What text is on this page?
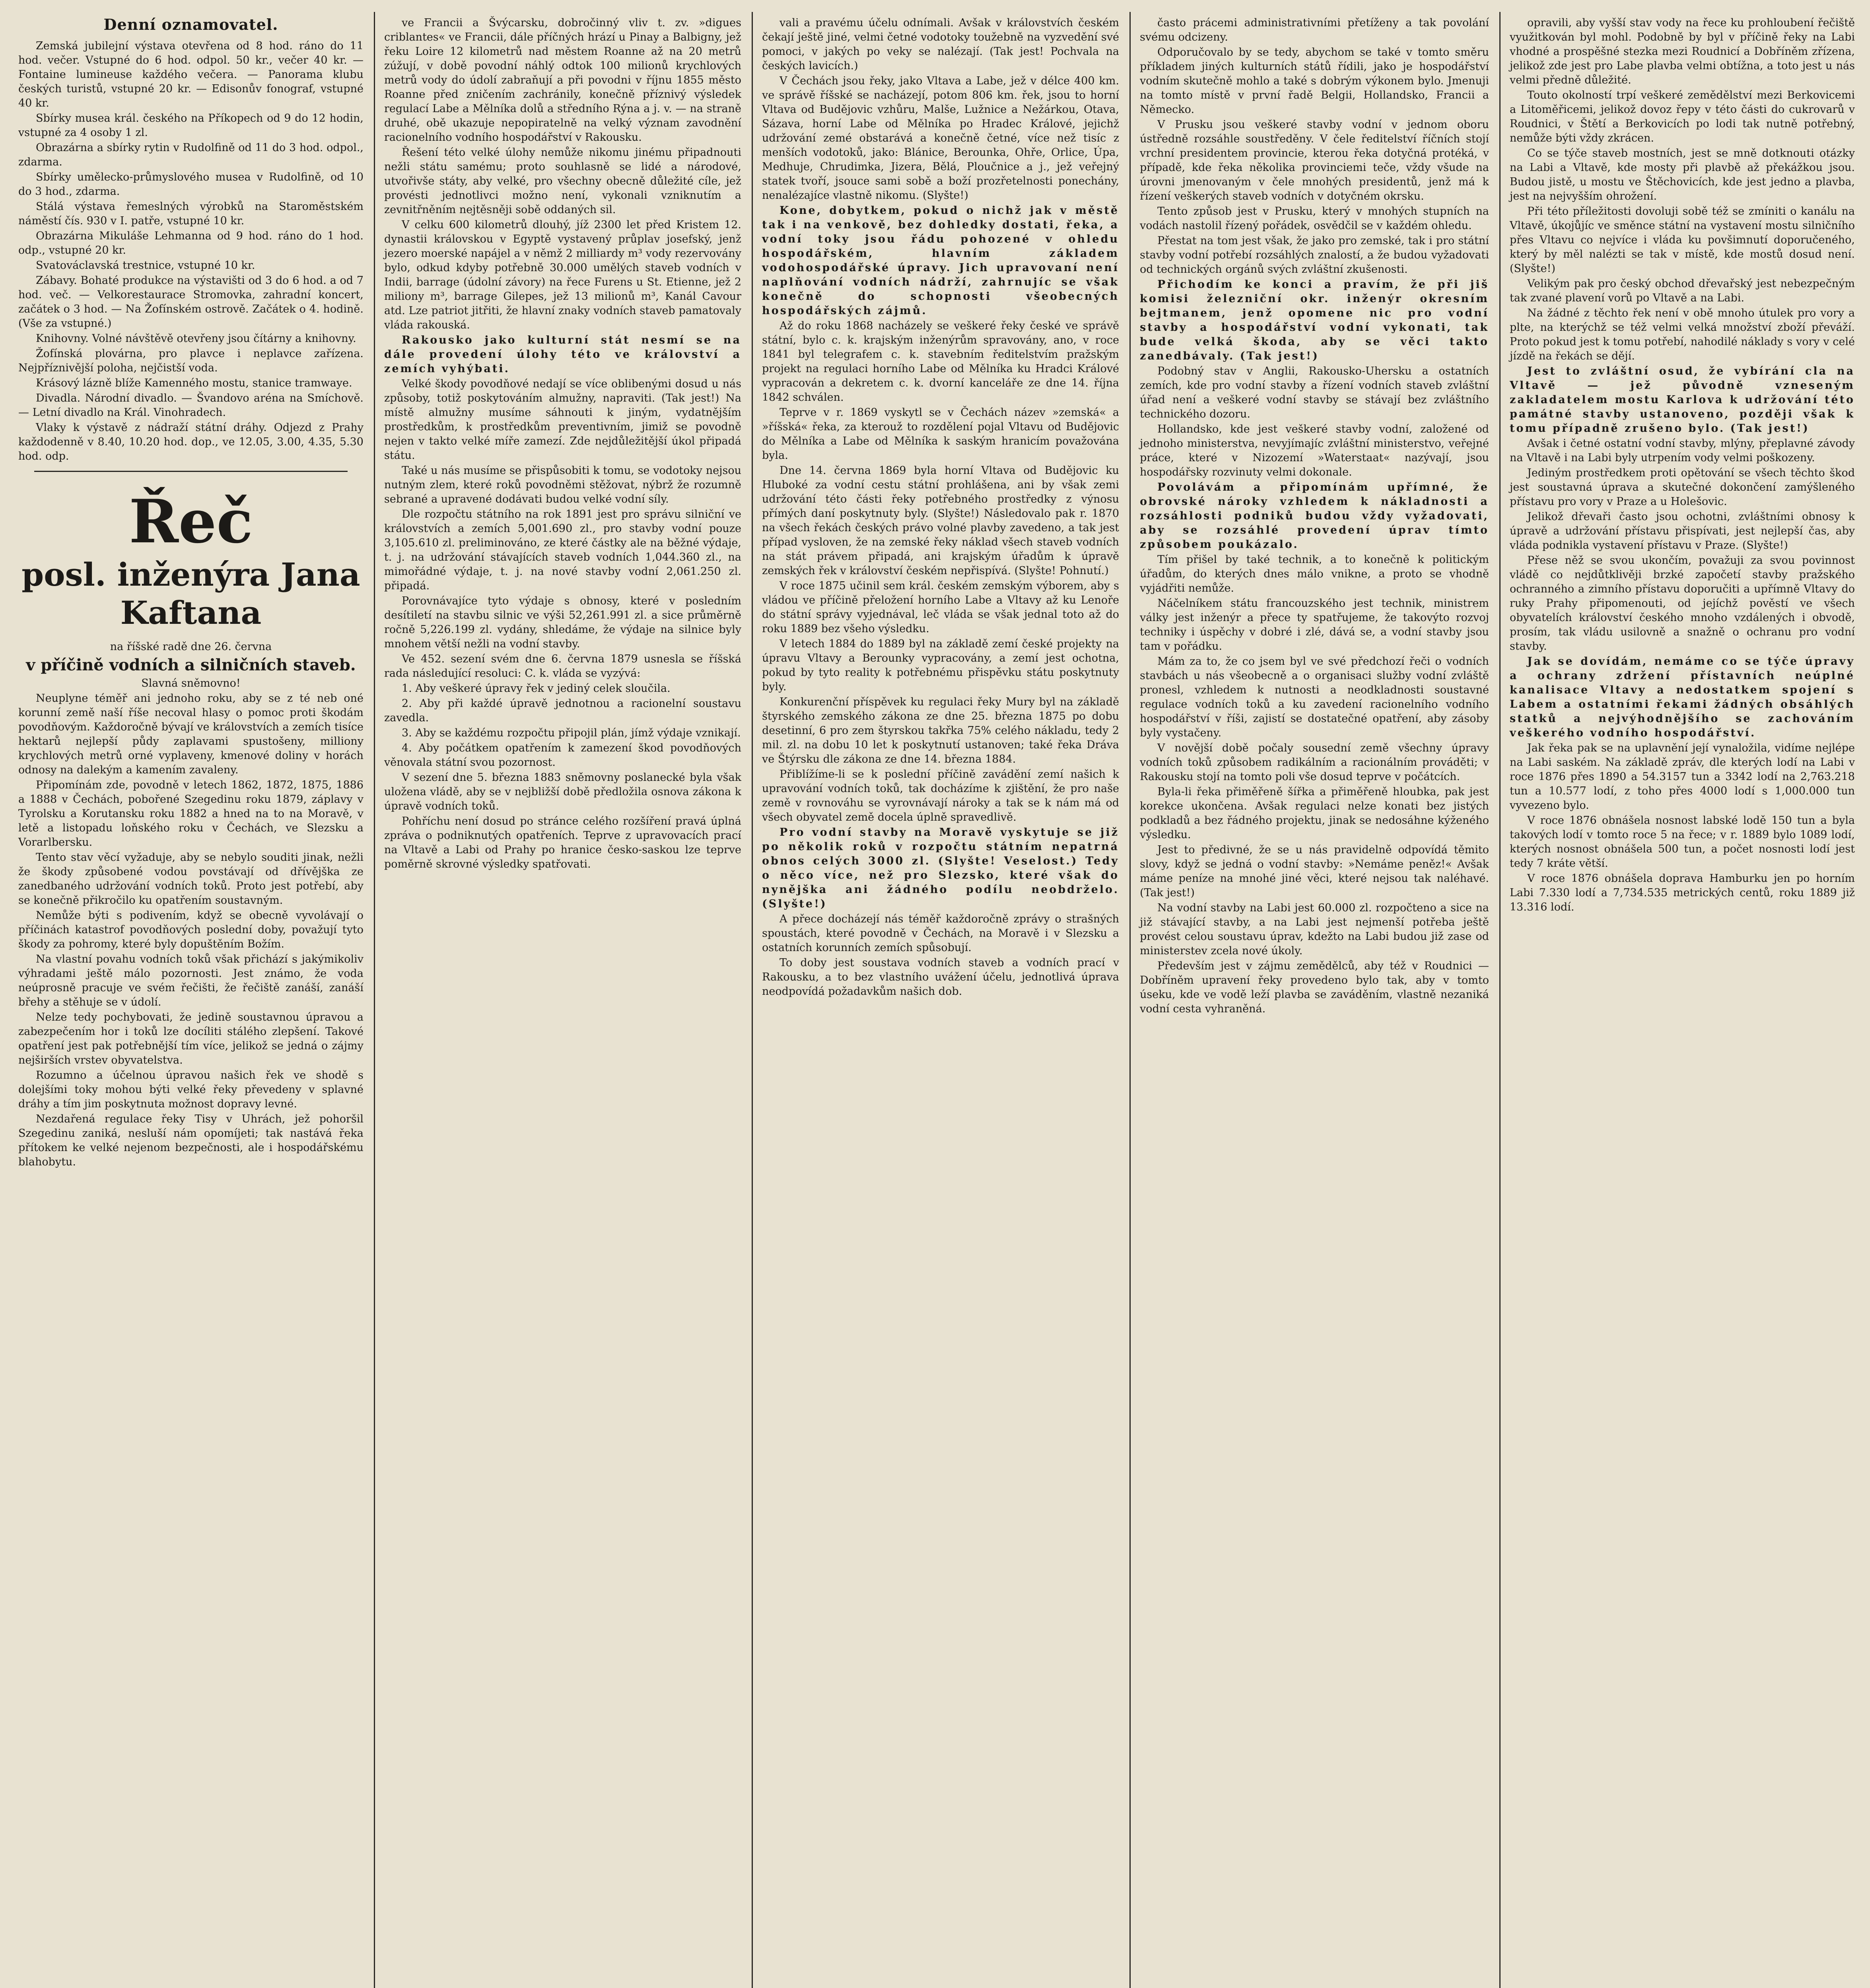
Denní oznamovatel.

Zemská jubilejní výstava otevřena od 8 hod. ráno do 11 hod. večer. Vstupné do 6 hod. odpol. 50 kr., večer 40 kr. — Fontaine lumineuse každého večera. — Panorama klubu českých turistů, vstupné 20 kr. — Edisonův fonograf, vstupné 40 kr.

Sbírky musea král. českého na Příkopech od 9 do 12 hodin, vstupné za 4 osoby 1 zl.

Obrazárna a sbírky rytin v Rudolfině od 11 do 3 hod. odpol., zdarma.

Sbírky umělecko-průmyslového musea v Rudolfině, od 10 do 3 hod., zdarma.

Stálá výstava řemeslných výrobků na Staroměstském náměstí čís. 930 v I. patře, vstupné 10 kr.

Obrazárna Mikuláše Lehmanna od 9 hod. ráno do 1 hod. odp., vstupné 20 kr.

Svatováclavská trestnice, vstupné 10 kr.

Zábavy. Bohaté produkce na výstavišti od 3 do 6 hod. a od 7 hod. več. — Velkorestaurace Stromovka, zahradní koncert, začátek o 3 hod. — Na Žofínském ostrově. Začátek o 4. hodině. (Vše za vstupné.)

Knihovny. Volné návštěvě otevřeny jsou čítárny a knihovny.

Žofínská plovárna, pro plavce i neplavce zařízena. Nejpříznivější poloha, nejčistší voda.

Krásový lázně blíže Kamenného mostu, stanice tramwaye.

Divadla. Národní divadlo. — Švandovo aréna na Smíchově. — Letní divadlo na Král. Vinohradech.

Vlaky k výstavě z nádraží státní dráhy. Odjezd z Prahy každodenně v 8.40, 10.20 hod. dop., ve 12.05, 3.00, 4.35, 5.30 hod. odp.

Řeč
posl. inženýra Jana Kaftana

na říšské radě dne 26. června

v příčině vodních a silničních staveb.

Slavná sněmovno!

Neuplyne téměř ani jednoho roku, aby se z té neb oné korunní země naší říše necoval hlasy o pomoc proti škodám povodňovým. Každoročně bývají ve královstvích a zemích tisíce hektarů nejlepší půdy zaplavami spustošeny, milliony krychlových metrů orné vyplaveny, kmenové doliny v horách odnosy na dalekým a kamením zavaleny.

Připomínám zde, povodně v letech 1862, 1872, 1875, 1886 a 1888 v Čechách, pobořené Szegedinu roku 1879, záplavy v Tyrolsku a Korutansku roku 1882 a hned na to na Moravě, v letě a listopadu loňského roku v Čechách, ve Slezsku a Vorarlbersku.

Tento stav věcí vyžaduje, aby se nebylo souditi jinak, nežli že škody způsobené vodou povstávají od dřívějška ze zanedbaného udržování vodních toků. Proto jest potřebí, aby se konečně přikročilo ku opatřením soustavným.

Nemůže býti s podivením, když se obecně vyvolávají o příčinách katastrof povodňových poslední doby, považují tyto škody za pohromy, které byly dopuštěním Božím.

Na vlastní povahu vodních toků však přichází s jakýmikoliv výhradami ještě málo pozornosti. Jest známo, že voda neúprosně pracuje ve svém řečišti, že řečiště zanáší, zanáší břehy a stěhuje se v údolí.

Nelze tedy pochybovati, že jedině soustavnou úpravou a zabezpečením hor i toků lze docíliti stálého zlepšení. Takové opatření jest pak potřebnější tím více, jelikož se jedná o zájmy nejširších vrstev obyvatelstva.

Rozumno a účelnou úpravou našich řek ve shodě s dolejšími toky mohou býti velké řeky převedeny v splavné dráhy a tím jim poskytnuta možnost dopravy levné.

Nezdařená regulace řeky Tisy v Uhrách, jež pohoršil Szegedinu zaniká, nesluší nám opomíjeti; tak nastává řeka přítokem ke velké nejenom bezpečnosti, ale i hospodářskému blahobytu.

ve Francii a Švýcarsku, dobročinný vliv t. zv. »digues criblantes« ve Francii, dále příčných hrází u Pinay a Balbigny, jež řeku Loire 12 kilometrů nad městem Roanne až na 20 metrů zúžují, v době povodní náhlý odtok 100 milionů krychlových metrů vody do údolí zabraňují a při povodni v říjnu 1855 město Roanne před zničením zachránily, konečně příznivý výsledek regulací Labe a Mělníka dolů a středního Rýna a j. v. — na straně druhé, obě ukazuje nepopiratelně na velký význam zavodnění racionelního vodního hospodářství v Rakousku.

Řešení této velké úlohy nemůže nikomu jinému připadnouti nežli státu samému; proto souhlasně se lidé a národové, utvořivše státy, aby velké, pro všechny obecně důležité cíle, jež provésti jednotlivci možno není, vykonali vzniknutím a zevnitřněním nejtěsněji sobě oddaných sil.

V celku 600 kilometrů dlouhý, jíž 2300 let před Kristem 12. dynastii královskou v Egyptě vystavený průplav josefský, jenž jezero moerské napájel a v němž 2 milliardy m³ vody rezervovány bylo, odkud kdyby potřebně 30.000 umělých staveb vodních v Indii, barrage (údolní závory) na řece Furens u St. Etienne, jež 2 miliony m³, barrage Gilepes, jež 13 milionů m³, Kanál Cavour atd. Lze patriot jitřiti, že hlavní znaky vodních staveb pamatovaly vláda rakouská.

Rakousko jako kulturní stát nesmí se na dále provedení úlohy této ve království a zemích vyhýbati.

Velké škody povodňové nedají se více oblibenými dosud u nás způsoby, totiž poskytováním almužny, napraviti. (Tak jest!) Na místě almužny musíme sáhnouti k jiným, vydatnějším prostředkům, k prostředkům preventivním, jimiž se povodně nejen v takto velké míře zamezí. Zde nejdůležitější úkol připadá státu.

Také u nás musíme se přispůsobiti k tomu, se vodotoky nejsou nutným zlem, které roků povodněmi stěžovat, nýbrž že rozumně sebrané a upravené dodávati budou velké vodní síly.

Dle rozpočtu státního na rok 1891 jest pro správu silniční ve královstvích a zemích 5,001.690 zl., pro stavby vodní pouze 3,105.610 zl. preliminováno, ze které částky ale na běžné výdaje, t. j. na udržování stávajících staveb vodních 1,044.360 zl., na mimořádné výdaje, t. j. na nové stavby vodní 2,061.250 zl. připadá.

Porovnávajíce tyto výdaje s obnosy, které v posledním desítiletí na stavbu silnic ve výši 52,261.991 zl. a sice průměrně ročně 5,226.199 zl. vydány, shledáme, že výdaje na silnice byly mnohem větší nežli na vodní stavby.

Ve 452. sezení svém dne 6. června 1879 usnesla se říšská rada následující resoluci: C. k. vláda se vyzývá:

1. Aby veškeré úpravy řek v jediný celek sloučila.

2. Aby při každé úpravě jednotnou a racionelní soustavu zavedla.

3. Aby se každému rozpočtu připojil plán, jímž výdaje vznikají.

4. Aby počátkem opatřením k zamezení škod povodňových věnovala státní svou pozornost.

V sezení dne 5. března 1883 sněmovny poslanecké byla však uložena vládě, aby se v nejbližší době předložila osnova zákona k úpravě vodních toků.

Pohříchu není dosud po stránce celého rozšíření pravá úplná zpráva o podniknutých opatřeních. Teprve z upravovacích prací na Vltavě a Labi od Prahy po hranice česko-saskou lze teprve poměrně skrovné výsledky spatřovati.

vali a pravému účelu odnímali. Avšak v královstvích českém čekají ještě jiné, velmi četné vodotoky toužebně na vyzvedění své pomoci, v jakých po veky se nalézají. (Tak jest! Pochvala na českých lavicích.)

V Čechách jsou řeky, jako Vltava a Labe, jež v délce 400 km. ve správě říšské se nacházejí, potom 806 km. řek, jsou to horní Vltava od Budějovic vzhůru, Malše, Lužnice a Nežárkou, Otava, Sázava, horní Labe od Mělníka po Hradec Králové, jejichž udržování zemé obstarává a konečně četné, více než tisíc z menších vodotoků, jako: Blánice, Berounka, Ohře, Orlice, Úpa, Medhuje, Chrudimka, Jizera, Bělá, Ploučnice a j., jež veřejný statek tvoří, jsouce sami sobě a boží prozřetelnosti ponechány, nenalézajíce vlastně nikomu. (Slyšte!)

Kone, dobytkem, pokud o nichž jak v městě tak i na venkově, bez dohledky dostati, řeka, a vodní toky jsou řádu pohozené v ohledu hospodářském, hlavním základem vodohospodářské úpravy. Jich upravovaní není naplňování vodních nádrží, zahrnujíc se však konečně do schopnosti všeobecných hospodářských zájmů.

Až do roku 1868 nacházely se veškeré řeky české ve správě státní, bylo c. k. krajským inženýrům spravovány, ano, v roce 1841 byl telegrafem c. k. stavebním ředitelstvím pražským projekt na regulaci horního Labe od Mělníka ku Hradci Králové vypracován a dekretem c. k. dvorní kanceláře ze dne 14. října 1842 schválen.

Teprve v r. 1869 vyskytl se v Čechách název »zemská« a »říšská« řeka, za kterouž to rozdělení pojal Vltavu od Budějovic do Mělníka a Labe od Mělníka k saským hranicím považována byla.

Dne 14. června 1869 byla horní Vltava od Budějovic ku Hluboké za vodní cestu státní prohlášena, ani by však zemi udržování této části řeky potřebného prostředky z výnosu přímých daní poskytnuty byly. (Slyšte!) Následovalo pak r. 1870 na všech řekách českých právo volné plavby zavedeno, a tak jest případ vysloven, že na zemské řeky náklad všech staveb vodních na stát právem připadá, ani krajským úřadům k úpravě zemských řek v království českém nepřispívá. (Slyšte! Pohnutí.)

V roce 1875 učinil sem král. českém zemským výborem, aby s vládou ve příčině přeložení horního Labe a Vltavy až ku Lenoře do státní správy vyjednával, leč vláda se však jednal toto až do roku 1889 bez všeho výsledku.

V letech 1884 do 1889 byl na základě zemí české projekty na úpravu Vltavy a Berounky vypracovány, a zemí jest ochotna, pokud by tyto reality k potřebnému přispěvku státu poskytnuty byly.

Konkurenční příspěvek ku regulaci řeky Mury byl na základě štyrského zemského zákona ze dne 25. března 1875 po dobu desetinní, 6 pro zem štyrskou takřka 75% celého nákladu, tedy 2 mil. zl. na dobu 10 let k poskytnutí ustanoven; také řeka Dráva ve Štýrsku dle zákona ze dne 14. března 1884.

Přiblížíme-li se k poslední příčině zavádění zemí našich k upravování vodních toků, tak docházíme k zjištění, že pro naše země v rovnováhu se vyrovnávají nároky a tak se k nám má od všech obyvatel země docela úplně spravedlivě.

Pro vodní stavby na Moravě vyskytuje se již po několik roků v rozpočtu státním nepatrná obnos celých 3000 zl. (Slyšte! Veselost.) Tedy o něco více, než pro Slezsko, které však do nynějška ani žádného podílu neobdrželo. (Slyšte!)

A přece docházejí nás téměř každoročně zprávy o strašných spoustách, které povodně v Čechách, na Moravě i v Slezsku a ostatních korunních zemích spůsobují.

To doby jest soustava vodních staveb a vodních prací v Rakousku, a to bez vlastního uvážení účelu, jednotlivá úprava neodpovídá požadavkům našich dob.

často prácemi administrativními přetíženy a tak povolání svému odcizeny.

Odporučovalo by se tedy, abychom se také v tomto směru příkladem jiných kulturních států řídili, jako je hospodářství vodním skutečně mohlo a také s dobrým výkonem bylo. Jmenuji na tomto místě v první řadě Belgii, Hollandsko, Francii a Německo.

V Prusku jsou veškeré stavby vodní v jednom oboru ústředně rozsáhle soustředěny. V čele ředitelství říčních stojí vrchní presidentem provincie, kterou řeka dotyčná protéká, v případě, kde řeka několika provinciemi teče, vždy všude na úrovni jmenovaným v čele mnohých presidentů, jenž má k řízení veškerých staveb vodních v dotyčném okrsku.

Tento způsob jest v Prusku, který v mnohých stupních na vodách nastolil řízený pořádek, osvědčil se v každém ohledu.

Přestat na tom jest však, že jako pro zemské, tak i pro státní stavby vodní potřebí rozsáhlých znalostí, a že budou vyžadovati od technických orgánů svých zvláštní zkušenosti.

Přichodím ke konci a pravím, že při jiš komisi železniční okr. inženýr okresním bejtmanem, jenž opomene nic pro vodní stavby a hospodářství vodní vykonati, tak bude velká škoda, aby se věci takto zanedbávaly. (Tak jest!)

Podobný stav v Anglii, Rakousko-Uhersku a ostatních zemích, kde pro vodní stavby a řízení vodních staveb zvláštní úřad není a veškeré vodní stavby se stávají bez zvláštního technického dozoru.

Hollandsko, kde jest veškeré stavby vodní, založené od jednoho ministerstva, nevyjímajíc zvláštní ministerstvo, veřejné práce, které v Nizozemí »Waterstaat« nazývají, jsou hospodářsky rozvinuty velmi dokonale.

Povolávám a připomínám upřímné, že obrovské nároky vzhledem k nákladnosti a rozsáhlosti podniků budou vždy vyžadovati, aby se rozsáhlé provedení úprav tímto způsobem poukázalo.

Tím přišel by také technik, a to konečně k politickým úřadům, do kterých dnes málo vnikne, a proto se vhodně vyjádřiti nemůže.

Náčelníkem státu francouzského jest technik, ministrem války jest inženýr a přece ty spatřujeme, že takovýto rozvoj techniky i úspěchy v dobré i zlé, dává se, a vodní stavby jsou tam v pořádku.

Mám za to, že co jsem byl ve své předchozí řeči o vodních stavbách u nás všeobecně a o organisaci služby vodní zvláště pronesl, vzhledem k nutnosti a neodkladnosti soustavné regulace vodních toků a ku zavedení racionelního vodního hospodářství v říši, zajistí se dostatečné opatření, aby zásoby byly vystačeny.

V novější době počaly sousední země všechny úpravy vodních toků způsobem radikálním a racionálním prováděti; v Rakousku stojí na tomto poli vše dosud teprve v počátcích.

Byla-li řeka přiměřeně šířka a přiměřeně hloubka, pak jest korekce ukončena. Avšak regulaci nelze konati bez jistých podkladů a bez řádného projektu, jinak se nedosáhne kýženého výsledku.

Jest to předivné, že se u nás pravidelně odpovídá těmito slovy, když se jedná o vodní stavby: »Nemáme peněz!« Avšak máme peníze na mnohé jiné věci, které nejsou tak naléhavé. (Tak jest!)

Na vodní stavby na Labi jest 60.000 zl. rozpočteno a sice na již stávající stavby, a na Labi jest nejmenší potřeba ještě provést celou soustavu úprav, kdežto na Labi budou již zase od ministerstev zcela nové úkoly.

Především jest v zájmu zemědělců, aby též v Roudnici — Dobříněm upravení řeky provedeno bylo tak, aby v tomto úseku, kde ve vodě leží plavba se zaváděním, vlastně nezaniká vodní cesta vyhraněná.

opravili, aby vyšší stav vody na řece ku prohloubení řečiště využitkován byl mohl. Podobně by byl v příčině řeky na Labi vhodné a prospěšné stezka mezi Roudnicí a Dobříněm zřízena, jelikož zde jest pro Labe plavba velmi obtížna, a toto jest u nás velmi předně důležité.

Touto okolností trpí veškeré zemědělství mezi Berkovicemi a Litoměřicemi, jelikož dovoz řepy v této části do cukrovarů v Roudnici, v Štětí a Berkovicích po lodi tak nutně potřebný, nemůže býti vždy zkrácen.

Co se týče staveb mostních, jest se mně dotknouti otázky na Labi a Vltavě, kde mosty při plavbě až překážkou jsou. Budou jistě, u mostu ve Štěchovicích, kde jest jedno a plavba, jest na nejvyšším ohrožení.

Při této příležitosti dovoluji sobě též se zmíniti o kanálu na Vltavě, úkojůjíc ve směnce státní na vystavení mostu silničního přes Vltavu co nejvíce i vláda ku povšimnutí doporučeného, který by měl nalézti se tak v místě, kde mostů dosud není. (Slyšte!)

Velikým pak pro český obchod dřevařský jest nebezpečným tak zvané plavení vorů po Vltavě a na Labi.

Na žádné z těchto řek není v obě mnoho útulek pro vory a plte, na kterýchž se též velmi velká množství zboží převáží. Proto pokud jest k tomu potřebí, nahodilé náklady s vory v celé jízdě na řekách se dějí.

Jest to zvláštní osud, že vybírání cla na Vltavě — jež původně vzneseným zakladatelem mostu Karlova k udržování této památné stavby ustanoveno, později však k tomu případně zrušeno bylo. (Tak jest!)

Avšak i četné ostatní vodní stavby, mlýny, přeplavné závody na Vltavě i na Labi byly utrpením vody velmi poškozeny.

Jediným prostředkem proti opětování se všech těchto škod jest soustavná úprava a skutečné dokončení zamýšleného přístavu pro vory v Praze a u Holešovic.

Jelikož dřevaři často jsou ochotni, zvláštními obnosy k úpravě a udržování přístavu přispívati, jest nejlepší čas, aby vláda podnikla vystavení přístavu v Praze. (Slyšte!)

Přese něž se svou ukončím, považuji za svou povinnost vládě co nejdůtklivěji brzké započetí stavby pražského ochranného a zimního přístavu doporučiti a upřímně Vltavy do ruky Prahy připomenouti, od jejíchž pověstí ve všech obyvatelích království českého mnoho vzdálených i obvodě, prosím, tak vládu usilovně a snažně o ochranu pro vodní stavby.

Jak se dovídám, nemáme co se týče úpravy a ochrany zdržení přístavních neúplné kanalisace Vltavy a nedostatkem spojení s Labem a ostatními řekami žádných obsáhlých statků a nejvýhodnějšího se zachováním veškerého vodního hospodářství.

Jak řeka pak se na uplavnění její vynaložila, vidíme nejlépe na Labi saském. Na základě zpráv, dle kterých lodí na Labi v roce 1876 přes 1890 a 54.3157 tun a 3342 lodí na 2,763.218 tun a 10.577 lodí, z toho přes 4000 lodí s 1,000.000 tun vyvezeno bylo.

V roce 1876 obnášela nosnost labské lodě 150 tun a byla takových lodí v tomto roce 5 na řece; v r. 1889 bylo 1089 lodí, kterých nosnost obnášela 500 tun, a počet nosnosti lodí jest tedy 7 kráte větší.

V roce 1876 obnášela doprava Hamburku jen po horním Labi 7.330 lodí a 7,734.535 metrických centů, roku 1889 již 13.316 lodí.
